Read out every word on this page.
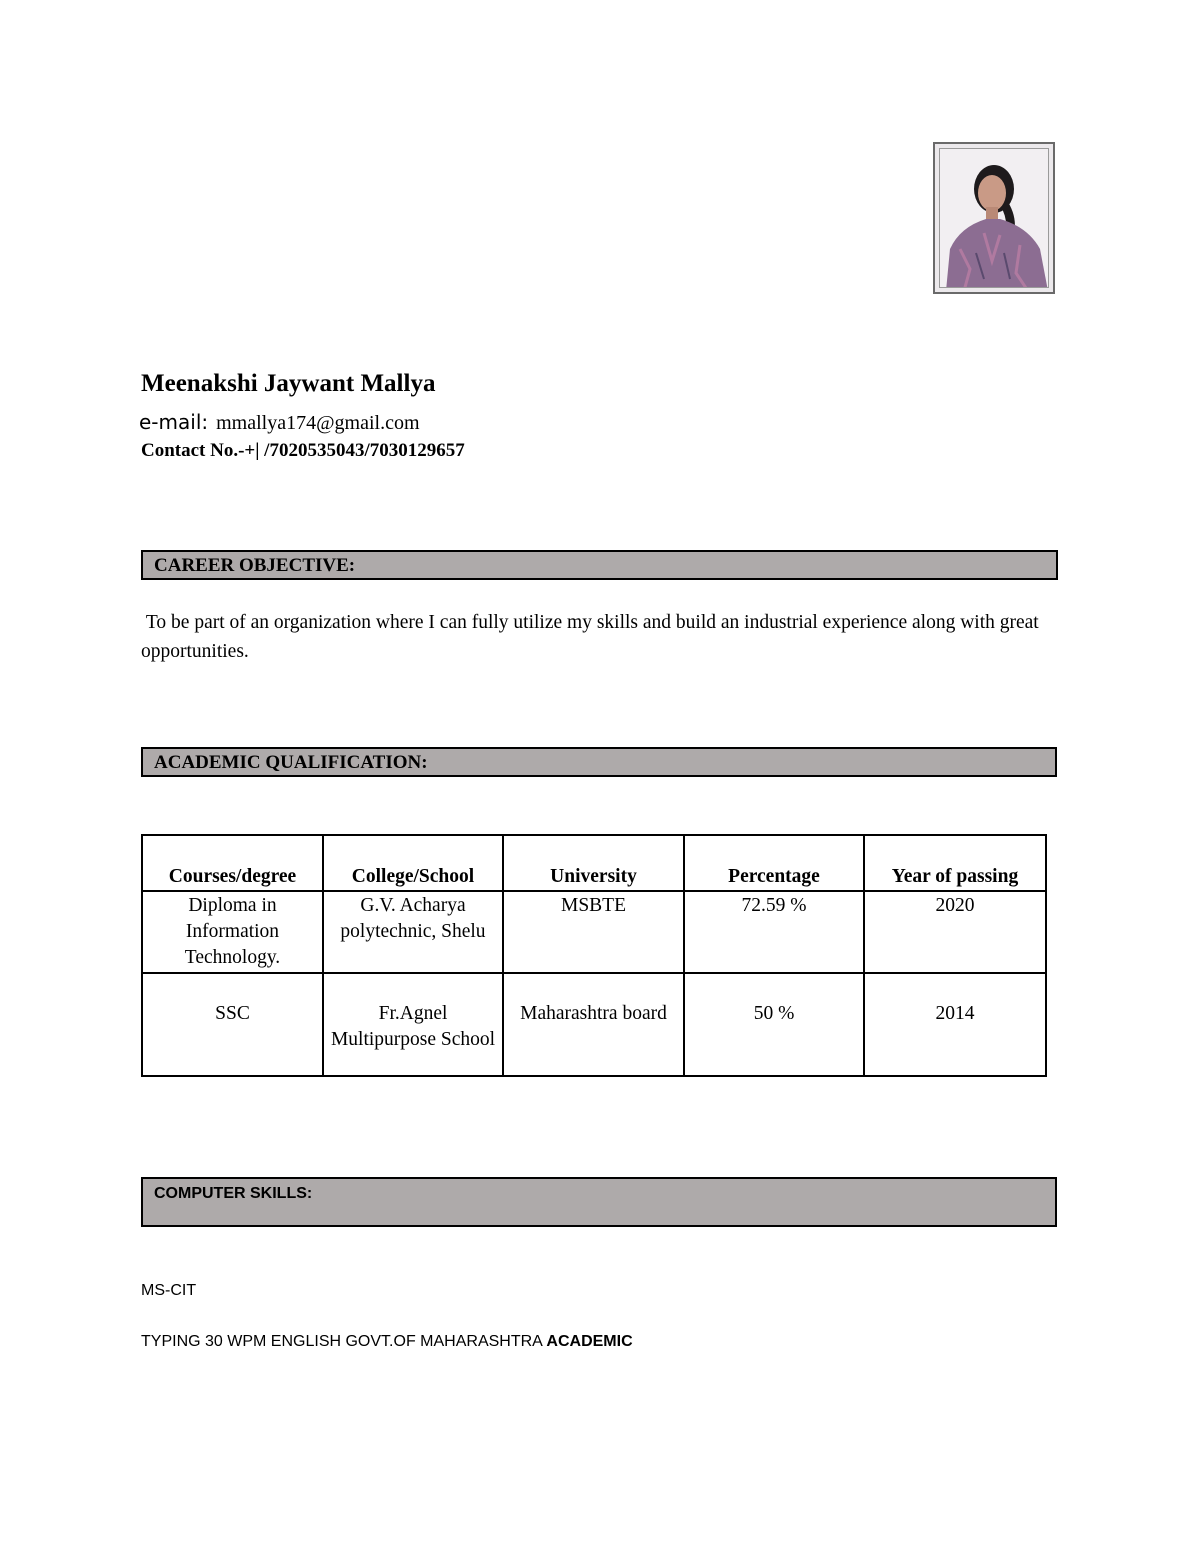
Meenakshi Jaywant Mallya
e-mail: mmallya174@gmail.com
Contact No.-+| /7020535043/7030129657
CAREER OBJECTIVE:
To be part of an organization where I can fully utilize my skills and build an industrial experience along with great opportunities.
ACADEMIC QUALIFICATION:
Courses/degree	College/School	University	Percentage	Year of passing
Diploma in Information Technology.	G.V. Acharya polytechnic, Shelu	MSBTE	72.59 %	2020
SSC	Fr.Agnel Multipurpose School	Maharashtra board	50 %	2014
COMPUTER SKILLS:
MS-CIT
TYPING 30 WPM ENGLISH GOVT.OF MAHARASHTRA ACADEMIC
